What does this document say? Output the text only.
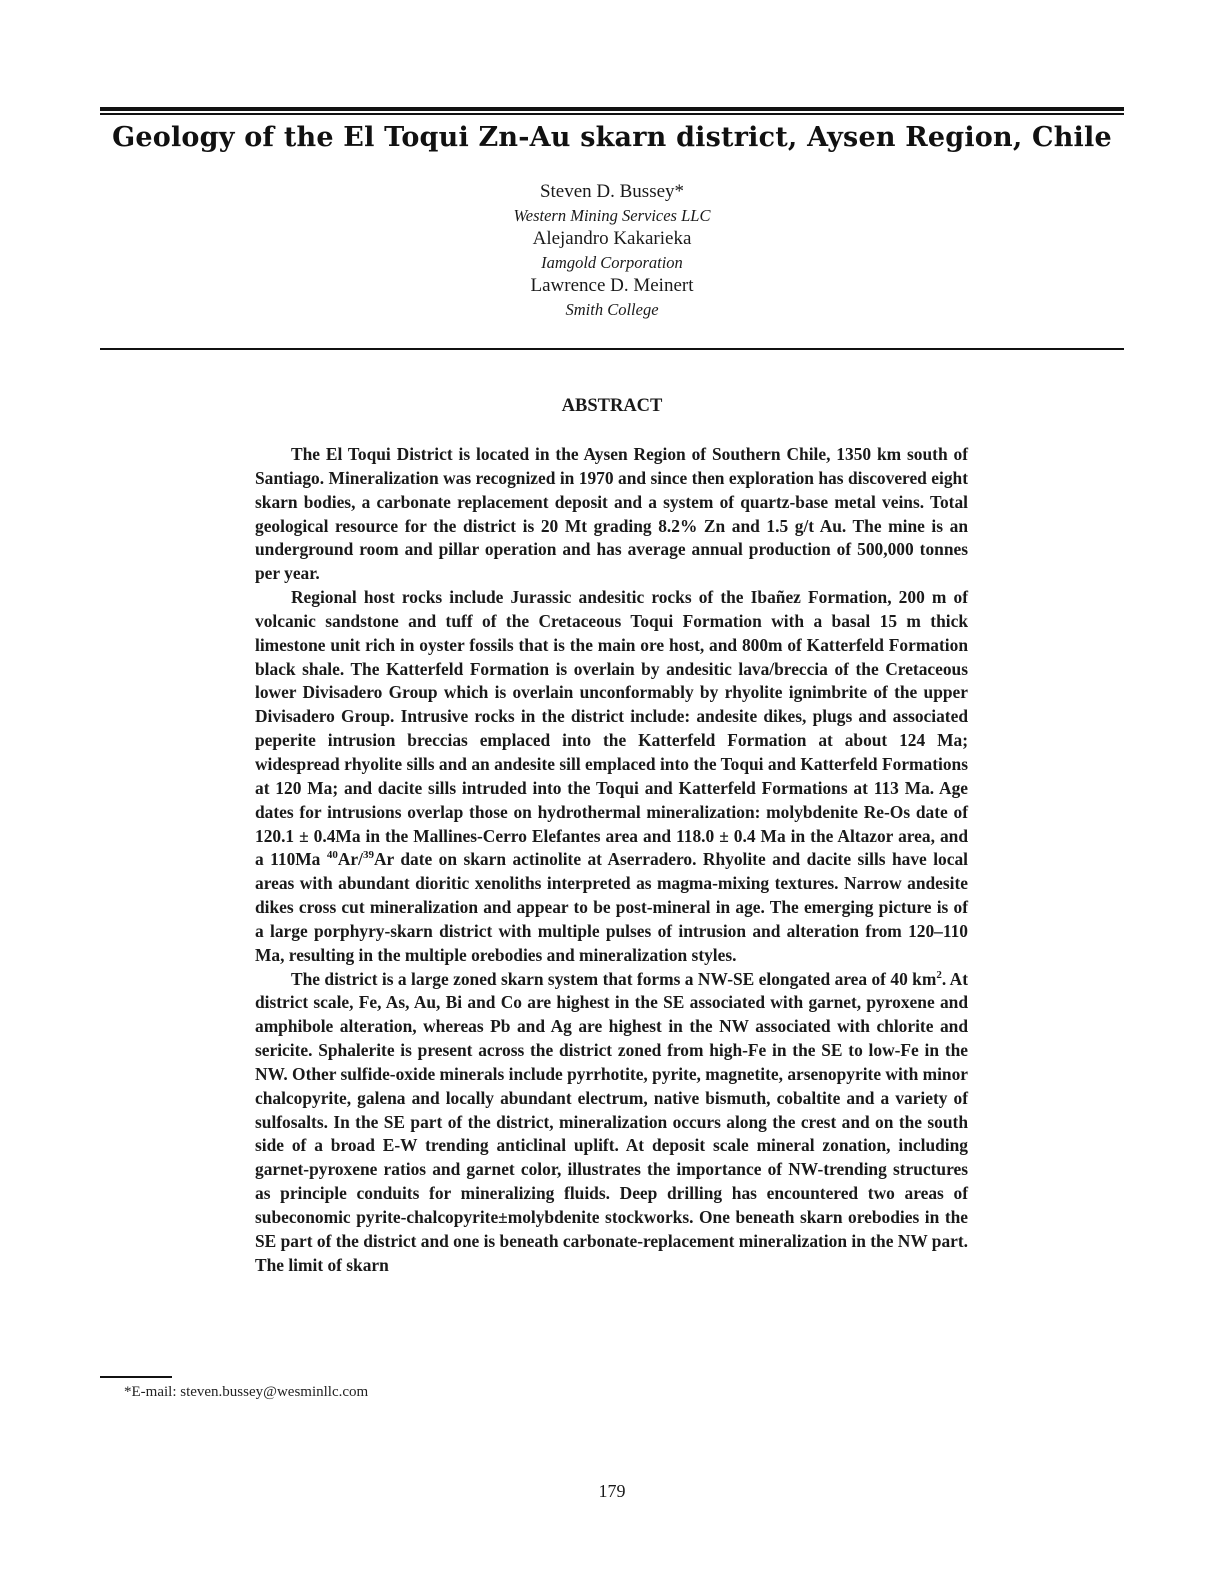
Geology of the El Toqui Zn-Au skarn district, Aysen Region, Chile
Steven D. Bussey*
Western Mining Services LLC
Alejandro Kakarieka
Iamgold Corporation
Lawrence D. Meinert
Smith College
ABSTRACT

The El Toqui District is located in the Aysen Region of Southern Chile, 1350 km south of Santiago. Mineralization was recognized in 1970 and since then exploration has discovered eight skarn bodies, a carbonate replacement deposit and a system of quartz-base metal veins. Total geological resource for the district is 20 Mt grading 8.2% Zn and 1.5 g/t Au. The mine is an underground room and pillar operation and has average annual production of 500,000 tonnes per year.

Regional host rocks include Jurassic andesitic rocks of the Ibañez Formation, 200 m of volcanic sandstone and tuff of the Cretaceous Toqui Formation with a basal 15 m thick limestone unit rich in oyster fossils that is the main ore host, and 800m of Katterfeld Formation black shale. The Katterfeld Formation is overlain by andesitic lava/breccia of the Cretaceous lower Divisadero Group which is overlain unconformably by rhyolite ignimbrite of the upper Divisadero Group. Intrusive rocks in the district include: andesite dikes, plugs and associated peperite intrusion breccias emplaced into the Katterfeld Formation at about 124 Ma; widespread rhyolite sills and an andesite sill emplaced into the Toqui and Katterfeld Formations at 120 Ma; and dacite sills intruded into the Toqui and Katterfeld Formations at 113 Ma. Age dates for intrusions overlap those on hydrothermal mineralization: molybdenite Re-Os date of 120.1 ± 0.4Ma in the Mallines-Cerro Elefantes area and 118.0 ± 0.4 Ma in the Altazor area, and a 110Ma $^{40}$Ar/$^{39}$Ar date on skarn actinolite at Aserradero. Rhyolite and dacite sills have local areas with abundant dioritic xenoliths interpreted as magma-mixing textures. Narrow andesite dikes cross cut mineralization and appear to be post-mineral in age. The emerging picture is of a large porphyry-skarn district with multiple pulses of intrusion and alteration from 120–110 Ma, resulting in the multiple orebodies and mineralization styles.

The district is a large zoned skarn system that forms a NW-SE elongated area of 40 $km^2$. At district scale, Fe, As, Au, Bi and Co are highest in the SE associated with garnet, pyroxene and amphibole alteration, whereas Pb and Ag are highest in the NW associated with chlorite and sericite. Sphalerite is present across the district zoned from high-Fe in the SE to low-Fe in the NW. Other sulfide-oxide minerals include pyrrhotite, pyrite, magnetite, arsenopyrite with minor chalcopyrite, galena and locally abundant electrum, native bismuth, cobaltite and a variety of sulfosalts. In the SE part of the district, mineralization occurs along the crest and on the south side of a broad E-W trending anticlinal uplift. At deposit scale mineral zonation, including garnet-pyroxene ratios and garnet color, illustrates the importance of NW-trending structures as principle conduits for mineralizing fluids. Deep drilling has encountered two areas of subeconomic pyrite-chalcopyrite±molybdenite stockworks. One beneath skarn orebodies in the SE part of the district and one is beneath carbonate-replacement mineralization in the NW part. The limit of skarn

*E-mail: steven.bussey@wesminllc.com
179
